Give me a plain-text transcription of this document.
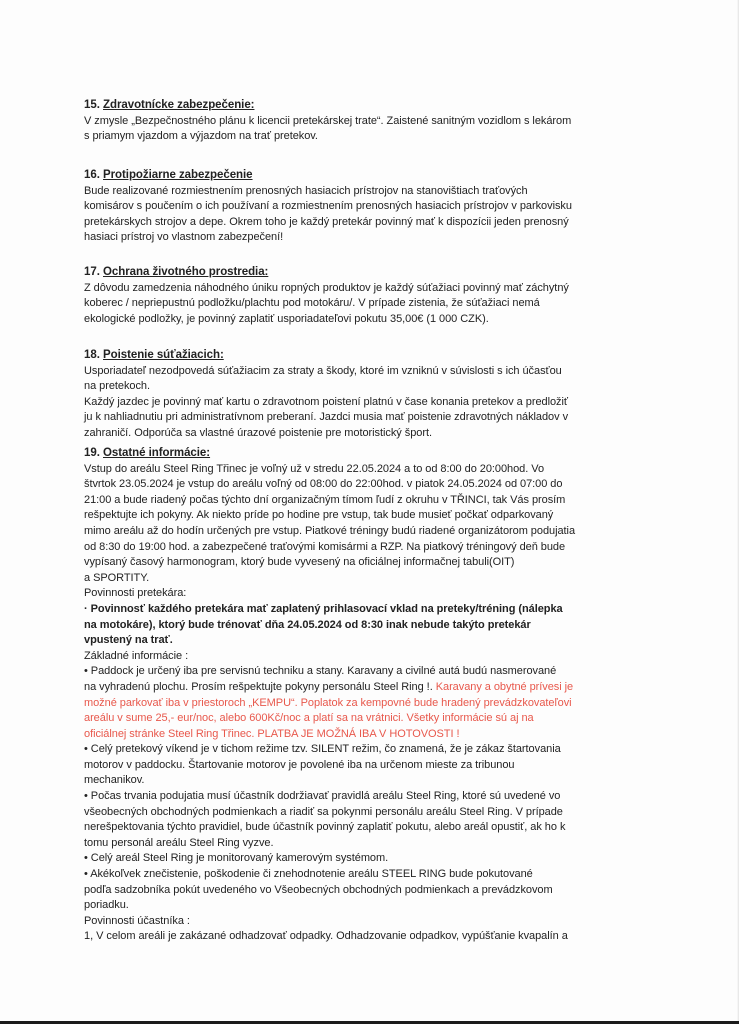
15. Zdravotnícke zabezpečenie:
V zmysle „Bezpečnostného plánu k licencii pretekárskej trate“. Zaistené sanitným vozidlom s lekárom
s priamym vjazdom a výjazdom na trať pretekov.
16. Protipožiarne zabezpečenie
Bude realizované rozmiestnením prenosných hasiacich prístrojov na stanovištiach traťových
komisárov s poučením o ich používaní a rozmiestnením prenosných hasiacich prístrojov v parkovisku
pretekárskych strojov a depe. Okrem toho je každý pretekár povinný mať k dispozícii jeden prenosný
hasiaci prístroj vo vlastnom zabezpečení!
17. Ochrana životného prostredia:
Z dôvodu zamedzenia náhodného úniku ropných produktov je každý súťažiaci povinný mať záchytný
koberec / nepriepustnú podložku/plachtu pod motokáru/. V prípade zistenia, že súťažiaci nemá
ekologické podložky, je povinný zaplatiť usporiadateľovi pokutu 35,00€ (1 000 CZK).
18. Poistenie súťažiacich:
Usporiadateľ nezodpovedá súťažiacim za straty a škody, ktoré im vzniknú v súvislosti s ich účasťou
na pretekoch.
Každý jazdec je povinný mať kartu o zdravotnom poistení platnú v čase konania pretekov a predložiť
ju k nahliadnutiu pri administratívnom preberaní. Jazdci musia mať poistenie zdravotných nákladov v
zahraničí. Odporúča sa vlastné úrazové poistenie pre motoristický šport.
19. Ostatné informácie:
Vstup do areálu Steel Ring Třinec je voľný už v stredu 22.05.2024 a to od 8:00 do 20:00hod. Vo
štvrtok 23.05.2024 je vstup do areálu voľný od 08:00 do 22:00hod. v piatok 24.05.2024 od 07:00 do
21:00 a bude riadený počas týchto dní organizačným tímom ľudí z okruhu v TŘINCI, tak Vás prosím
rešpektujte ich pokyny. Ak niekto príde po hodine pre vstup, tak bude musieť počkať odparkovaný
mimo areálu až do hodín určených pre vstup. Piatkové tréningy budú riadené organizátorom podujatia
od 8:30 do 19:00 hod. a zabezpečené traťovými komisármi a RZP. Na piatkový tréningový deň bude
vypísaný časový harmonogram, ktorý bude vyvesený na oficiálnej informačnej tabuli(OIT)
a SPORTITY.
Povinnosti pretekára:
· Povinnosť každého pretekára mať zaplatený prihlasovací vklad na preteky/tréning (nálepka
na motokáre), ktorý bude trénovať dňa 24.05.2024 od 8:30 inak nebude takýto pretekár
vpustený na trať.
Základné informácie :
• Paddock je určený iba pre servisnú techniku a stany. Karavany a civilné autá budú nasmerované
na vyhradenú plochu. Prosím rešpektujte pokyny personálu Steel Ring !. Karavany a obytné prívesi je
možné parkovať iba v priestoroch „KEMPU“. Poplatok za kempovné bude hradený prevádzkovateľovi
areálu v sume 25,- eur/noc, alebo 600Kč/noc a platí sa na vrátnici. Všetky informácie sú aj na
oficiálnej stránke Steel Ring Třinec. PLATBA JE MOŽNÁ IBA V HOTOVOSTI !
• Celý pretekový víkend je v tichom režime tzv. SILENT režim, čo znamená, že je zákaz štartovania
motorov v paddocku. Štartovanie motorov je povolené iba na určenom mieste za tribunou
mechanikov.
• Počas trvania podujatia musí účastník dodržiavať pravidlá areálu Steel Ring, ktoré sú uvedené vo
všeobecných obchodných podmienkach a riadiť sa pokynmi personálu areálu Steel Ring. V prípade
nerešpektovania týchto pravidiel, bude účastník povinný zaplatiť pokutu, alebo areál opustiť, ak ho k
tomu personál areálu Steel Ring vyzve.
• Celý areál Steel Ring je monitorovaný kamerovým systémom.
• Akékoľvek znečistenie, poškodenie či znehodnotenie areálu STEEL RING bude pokutované
podľa sadzobníka pokút uvedeného vo Všeobecných obchodných podmienkach a prevádzkovom
poriadku.
Povinnosti účastníka :
1, V celom areáli je zakázané odhadzovať odpadky. Odhadzovanie odpadkov, vypúšťanie kvapalín a
